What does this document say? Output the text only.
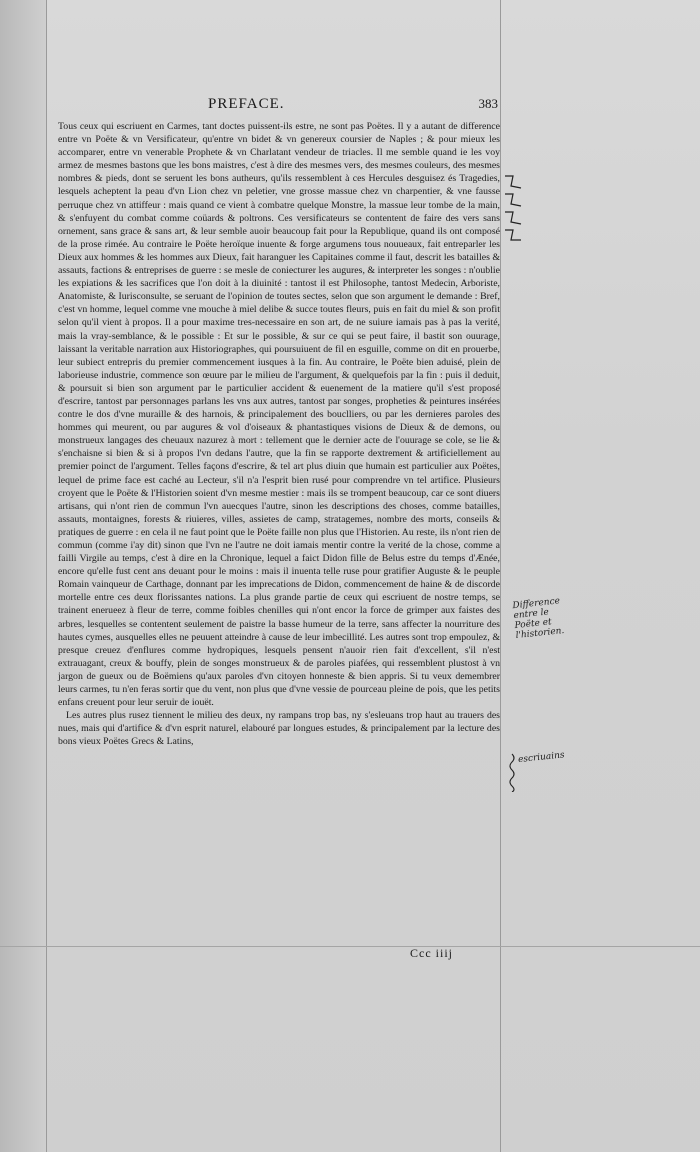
PREFACE.	383

Tous ceux qui escriuent en Carmes, tant doctes puissent-ils estre, ne sont pas Poëtes. Il y a autant de difference entre vn Poëte & vn Versificateur, qu'entre vn bidet & vn genereux coursier de Naples ; & pour mieux les accomparer, entre vn venerable Prophete & vn Charlatant vendeur de triacles. Il me semble quand ie les voy armez de mesmes bastons que les bons maistres, c'est à dire des mesmes vers, des mesmes couleurs, des mesmes nombres & pieds, dont se seruent les bons autheurs, qu'ils ressemblent à ces Hercules desguisez és Tragedies, lesquels acheptent la peau d'vn Lion chez vn peletier, vne grosse massue chez vn charpentier, & vne fausse perruque chez vn attiffeur : mais quand ce vient à combatre quelque Monstre, la massue leur tombe de la main, & s'enfuyent du combat comme coüards & poltrons. Ces versificateurs se contentent de faire des vers sans ornement, sans grace & sans art, & leur semble auoir beaucoup fait pour la Republique, quand ils ont composé de la prose rimée. Au contraire le Poëte heroïque inuente & forge argumens tous nouueaux, fait entreparler les Dieux aux hommes & les hommes aux Dieux, fait haranguer les Capitaines comme il faut, descrit les batailles & assauts, factions & entreprises de guerre : se mesle de coniecturer les augures, & interpreter les songes : n'oublie les expiations & les sacrifices que l'on doit à la diuinité : tantost il est Philosophe, tantost Medecin, Arboriste, Anatomiste, & Iurisconsulte, se seruant de l'opinion de toutes sectes, selon que son argument le demande : Bref, c'est vn homme, lequel comme vne mouche à miel delibe & succe toutes fleurs, puis en fait du miel & son profit selon qu'il vient à propos. Il a pour maxime tres-necessaire en son art, de ne suiure iamais pas à pas la verité, mais la vray-semblance, & le possible : Et sur le possible, & sur ce qui se peut faire, il bastit son ouurage, laissant la veritable narration aux Historiographes, qui poursuiuent de fil en esguille, comme on dit en prouerbe, leur subiect entrepris du premier commencement iusques à la fin. Au contraire, le Poëte bien aduisé, plein de laborieuse industrie, commence son œuure par le milieu de l'argument, & quelquefois par la fin : puis il deduit, & poursuit si bien son argument par le particulier accident & euenement de la matiere qu'il s'est proposé d'escrire, tantost par personnages parlans les vns aux autres, tantost par songes, propheties & peintures insérées contre le dos d'vne muraille & des harnois, & principalement des bouclliers, ou par les dernieres paroles des hommes qui meurent, ou par augures & vol d'oiseaux & phantastiques visions de Dieux & de demons, ou monstrueux langages des cheuaux nazurez à mort : tellement que le dernier acte de l'ouurage se cole, se lie & s'enchaisne si bien & si à propos l'vn dedans l'autre, que la fin se rapporte dextrement & artificiellement au premier poinct de l'argument. Telles façons d'escrire, & tel art plus diuin que humain est particulier aux Poëtes, lequel de prime face est caché au Lecteur, s'il n'a l'esprit bien rusé pour comprendre vn tel artifice. Plusieurs croyent que le Poëte & l'Historien soient d'vn mesme mestier : mais ils se trompent beaucoup, car ce sont diuers artisans, qui n'ont rien de commun l'vn auecques l'autre, sinon les descriptions des choses, comme batailles, assauts, montaignes, forests & riuieres, villes, assietes de camp, stratagemes, nombre des morts, conseils & pratiques de guerre : en cela il ne faut point que le Poëte faille non plus que l'Historien. Au reste, ils n'ont rien de commun (comme i'ay dit) sinon que l'vn ne l'autre ne doit iamais mentir contre la verité de la chose, comme a failli Virgile au temps, c'est à dire en la Chronique, lequel a faict Didon fille de Belus estre du temps d'Ænée, encore qu'elle fust cent ans deuant pour le moins : mais il inuenta telle ruse pour gratifier Auguste & le peuple Romain vainqueur de Carthage, donnant par les imprecations de Didon, commencement de haine & de discorde mortelle entre ces deux florissantes nations. La plus grande partie de ceux qui escriuent de nostre temps, se trainent enerueez à fleur de terre, comme foibles chenilles qui n'ont encor la force de grimper aux faistes des arbres, lesquelles se contentent seulement de paistre la basse humeur de la terre, sans affecter la nourriture des hautes cymes, ausquelles elles ne peuuent atteindre à cause de leur imbecillité. Les autres sont trop empoulez, & presque creuez d'enflures comme hydropiques, lesquels pensent n'auoir rien fait d'excellent, s'il n'est extrauagant, creux & bouffy, plein de songes monstrueux & de paroles piafées, qui ressemblent plustost à vn jargon de gueux ou de Boëmiens qu'aux paroles d'vn citoyen honneste & bien appris. Si tu veux demembrer leurs carmes, tu n'en feras sortir que du vent, non plus que d'vne vessie de pourceau pleine de pois, que les petits enfans creuent pour leur seruir de iouët.

Les autres plus rusez tiennent le milieu des deux, ny rampans trop bas, ny s'esleuans trop haut au trauers des nues, mais qui d'artifice & d'vn esprit naturel, elabouré par longues estudes, & principalement par la lecture des bons vieux Poëtes Grecs & Latins,

Ccc iiij
Difference entre le Poëte et l'historien.
escriuains
